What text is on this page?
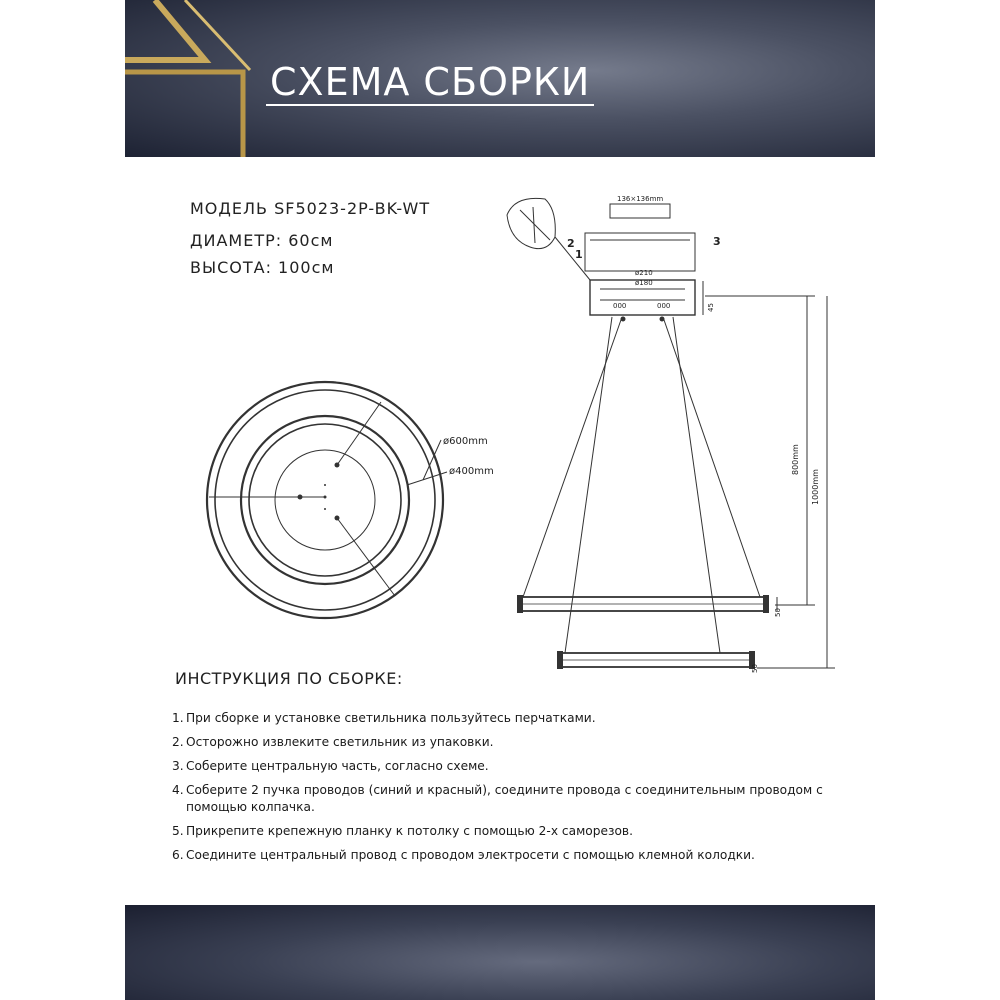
СХЕМА СБОРКИ
МОДЕЛЬ SF5023-2P-BK-WT
ДИАМЕТР: 60см
ВЫСОТА: 100см
ø600mm
ø400mm
136×136mm
ø210
ø180
45
000	000
1
2	3
800mm
1000mm
50
50
ИНСТРУКЦИЯ ПО СБОРКЕ:
1. При сборке и установке светильника пользуйтесь перчатками.
2. Осторожно извлеките светильник из упаковки.
3. Соберите центральную часть, согласно схеме.
4. Соберите 2 пучка проводов (синий и красный), соедините провода с соединительным проводом с помощью колпачка.
5. Прикрепите крепежную планку к потолку с помощью 2-х саморезов.
6. Соедините центральный провод с проводом электросети с помощью клемной колодки.
